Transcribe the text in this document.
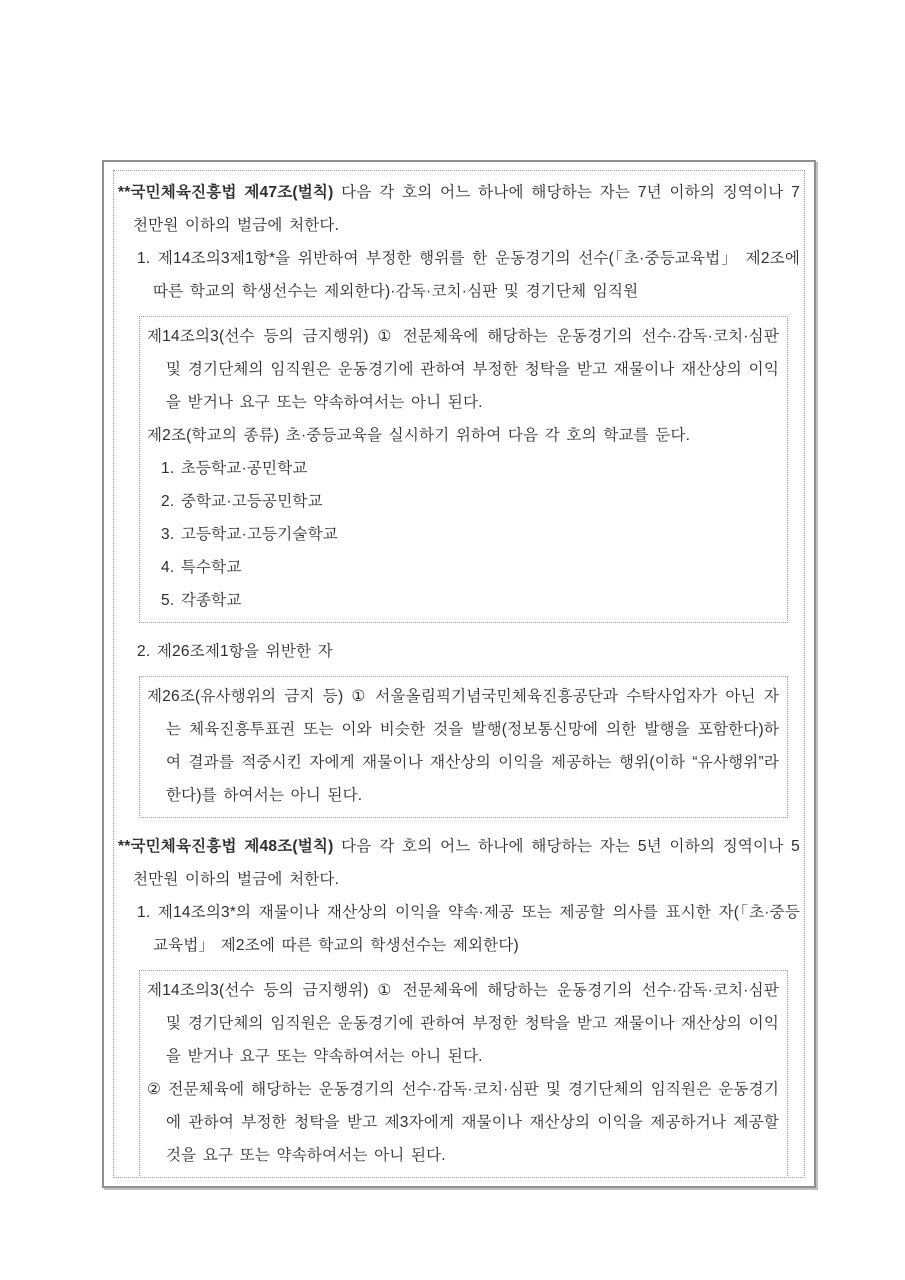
**국민체육진흥법 제47조(벌칙) 다음 각 호의 어느 하나에 해당하는 자는 7년 이하의 징역이나 7천만원 이하의 벌금에 처한다.

1. 제14조의3제1항*을 위반하여 부정한 행위를 한 운동경기의 선수(「초·중등교육법」 제2조에 따른 학교의 학생선수는 제외한다)·감독·코치·심판 및 경기단체 임직원

제14조의3(선수 등의 금지행위) ① 전문체육에 해당하는 운동경기의 선수·감독·코치·심판 및 경기단체의 임직원은 운동경기에 관하여 부정한 청탁을 받고 재물이나 재산상의 이익을 받거나 요구 또는 약속하여서는 아니 된다.

제2조(학교의 종류) 초·중등교육을 실시하기 위하여 다음 각 호의 학교를 둔다.

1. 초등학교·공민학교

2. 중학교·고등공민학교

3. 고등학교·고등기술학교

4. 특수학교

5. 각종학교

2. 제26조제1항을 위반한 자

제26조(유사행위의 금지 등) ① 서울올림픽기념국민체육진흥공단과 수탁사업자가 아닌 자는 체육진흥투표권 또는 이와 비슷한 것을 발행(정보통신망에 의한 발행을 포함한다)하여 결과를 적중시킨 자에게 재물이나 재산상의 이익을 제공하는 행위(이하 “유사행위”라 한다)를 하여서는 아니 된다.

**국민체육진흥법 제48조(벌칙) 다음 각 호의 어느 하나에 해당하는 자는 5년 이하의 징역이나 5천만원 이하의 벌금에 처한다.

1. 제14조의3*의 재물이나 재산상의 이익을 약속·제공 또는 제공할 의사를 표시한 자(「초·중등교육법」 제2조에 따른 학교의 학생선수는 제외한다)

제14조의3(선수 등의 금지행위) ① 전문체육에 해당하는 운동경기의 선수·감독·코치·심판 및 경기단체의 임직원은 운동경기에 관하여 부정한 청탁을 받고 재물이나 재산상의 이익을 받거나 요구 또는 약속하여서는 아니 된다.

② 전문체육에 해당하는 운동경기의 선수·감독·코치·심판 및 경기단체의 임직원은 운동경기에 관하여 부정한 청탁을 받고 제3자에게 재물이나 재산상의 이익을 제공하거나 제공할 것을 요구 또는 약속하여서는 아니 된다.
